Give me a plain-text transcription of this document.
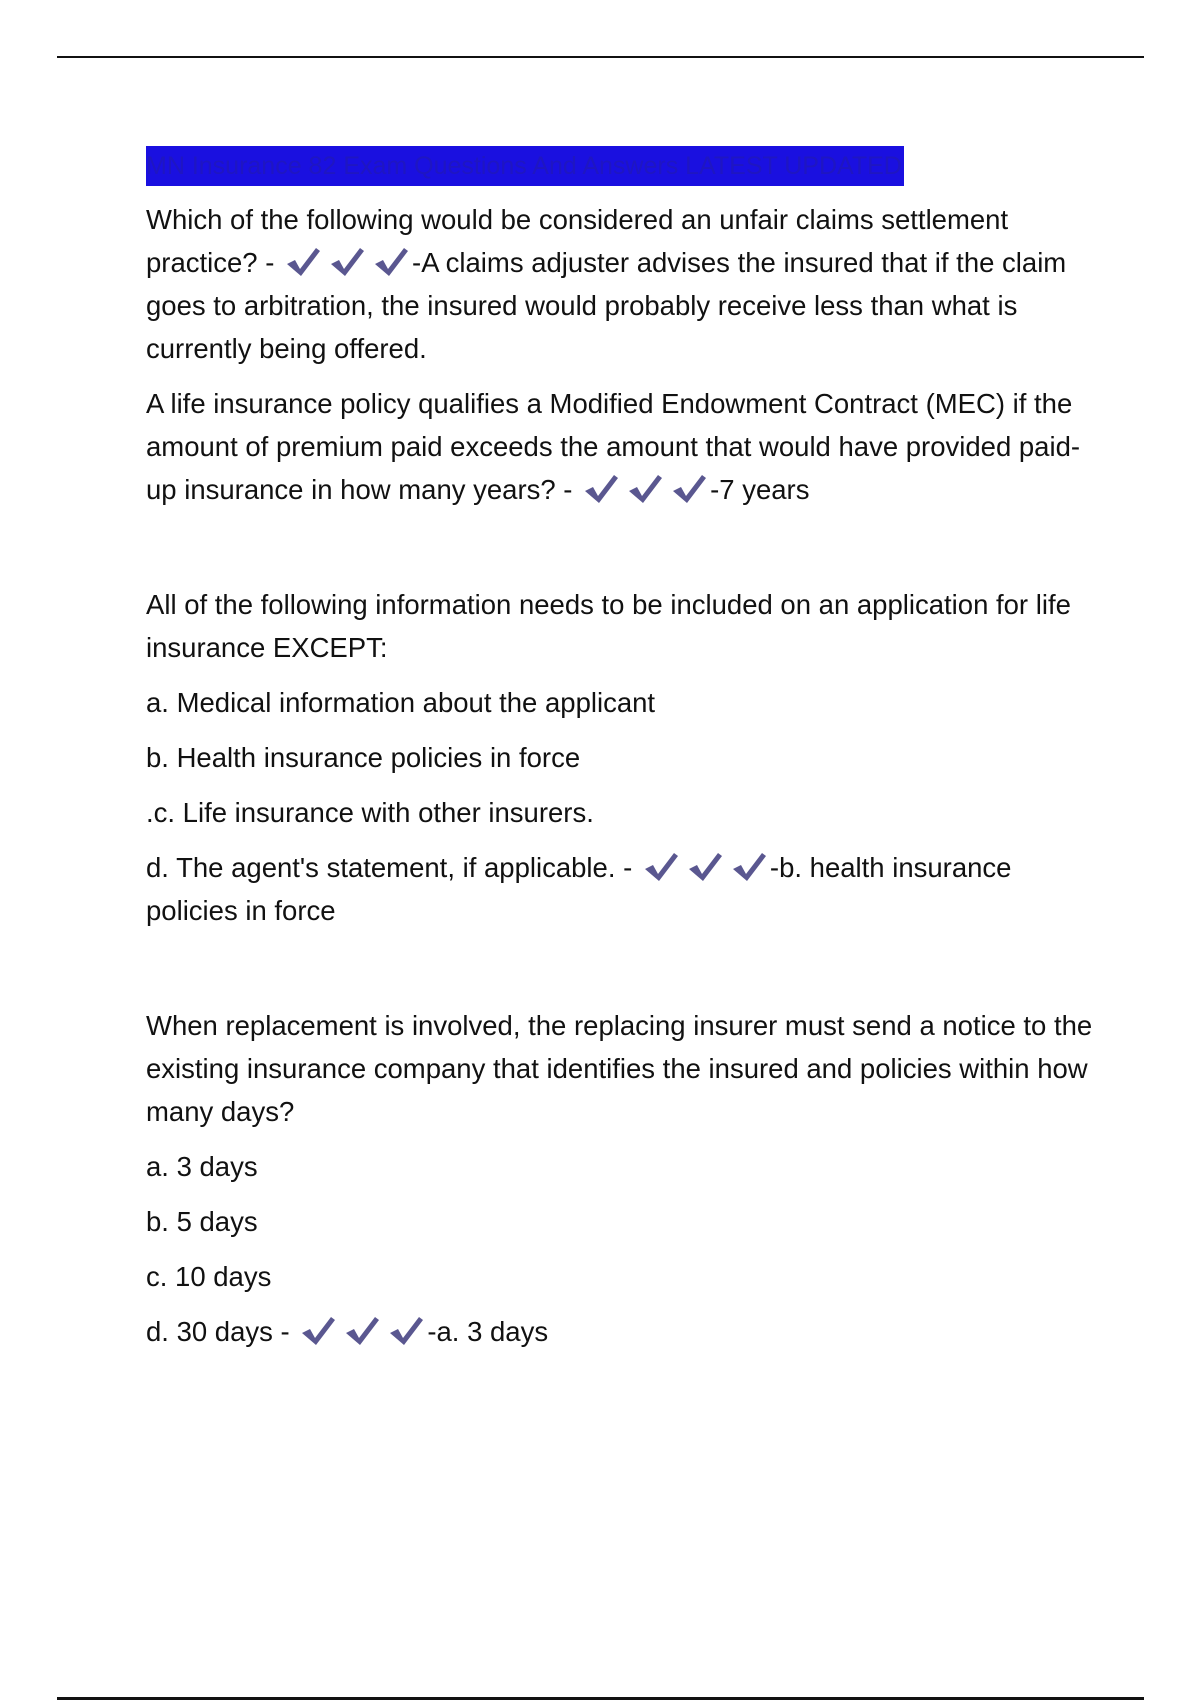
MN Insurance 82 Exam Questions And Answers LATEST UPDATED

Which of the following would be considered an unfair claims settlement practice? -	-A claims adjuster advises the insured that if the claim goes to arbitration, the insured would probably receive less than what is currently being offered.

A life insurance policy qualifies a Modified Endowment Contract (MEC) if the amount of premium paid exceeds the amount that would have provided paid-up insurance in how many years? -	-7 years

All of the following information needs to be included on an application for life insurance EXCEPT:

a. Medical information about the applicant

b. Health insurance policies in force

.c. Life insurance with other insurers.

d. The agent's statement, if applicable. -	-b. health insurance policies in force

When replacement is involved, the replacing insurer must send a notice to the existing insurance company that identifies the insured and policies within how many days?

a. 3 days

b. 5 days

c. 10 days

d. 30 days -	-a. 3 days
